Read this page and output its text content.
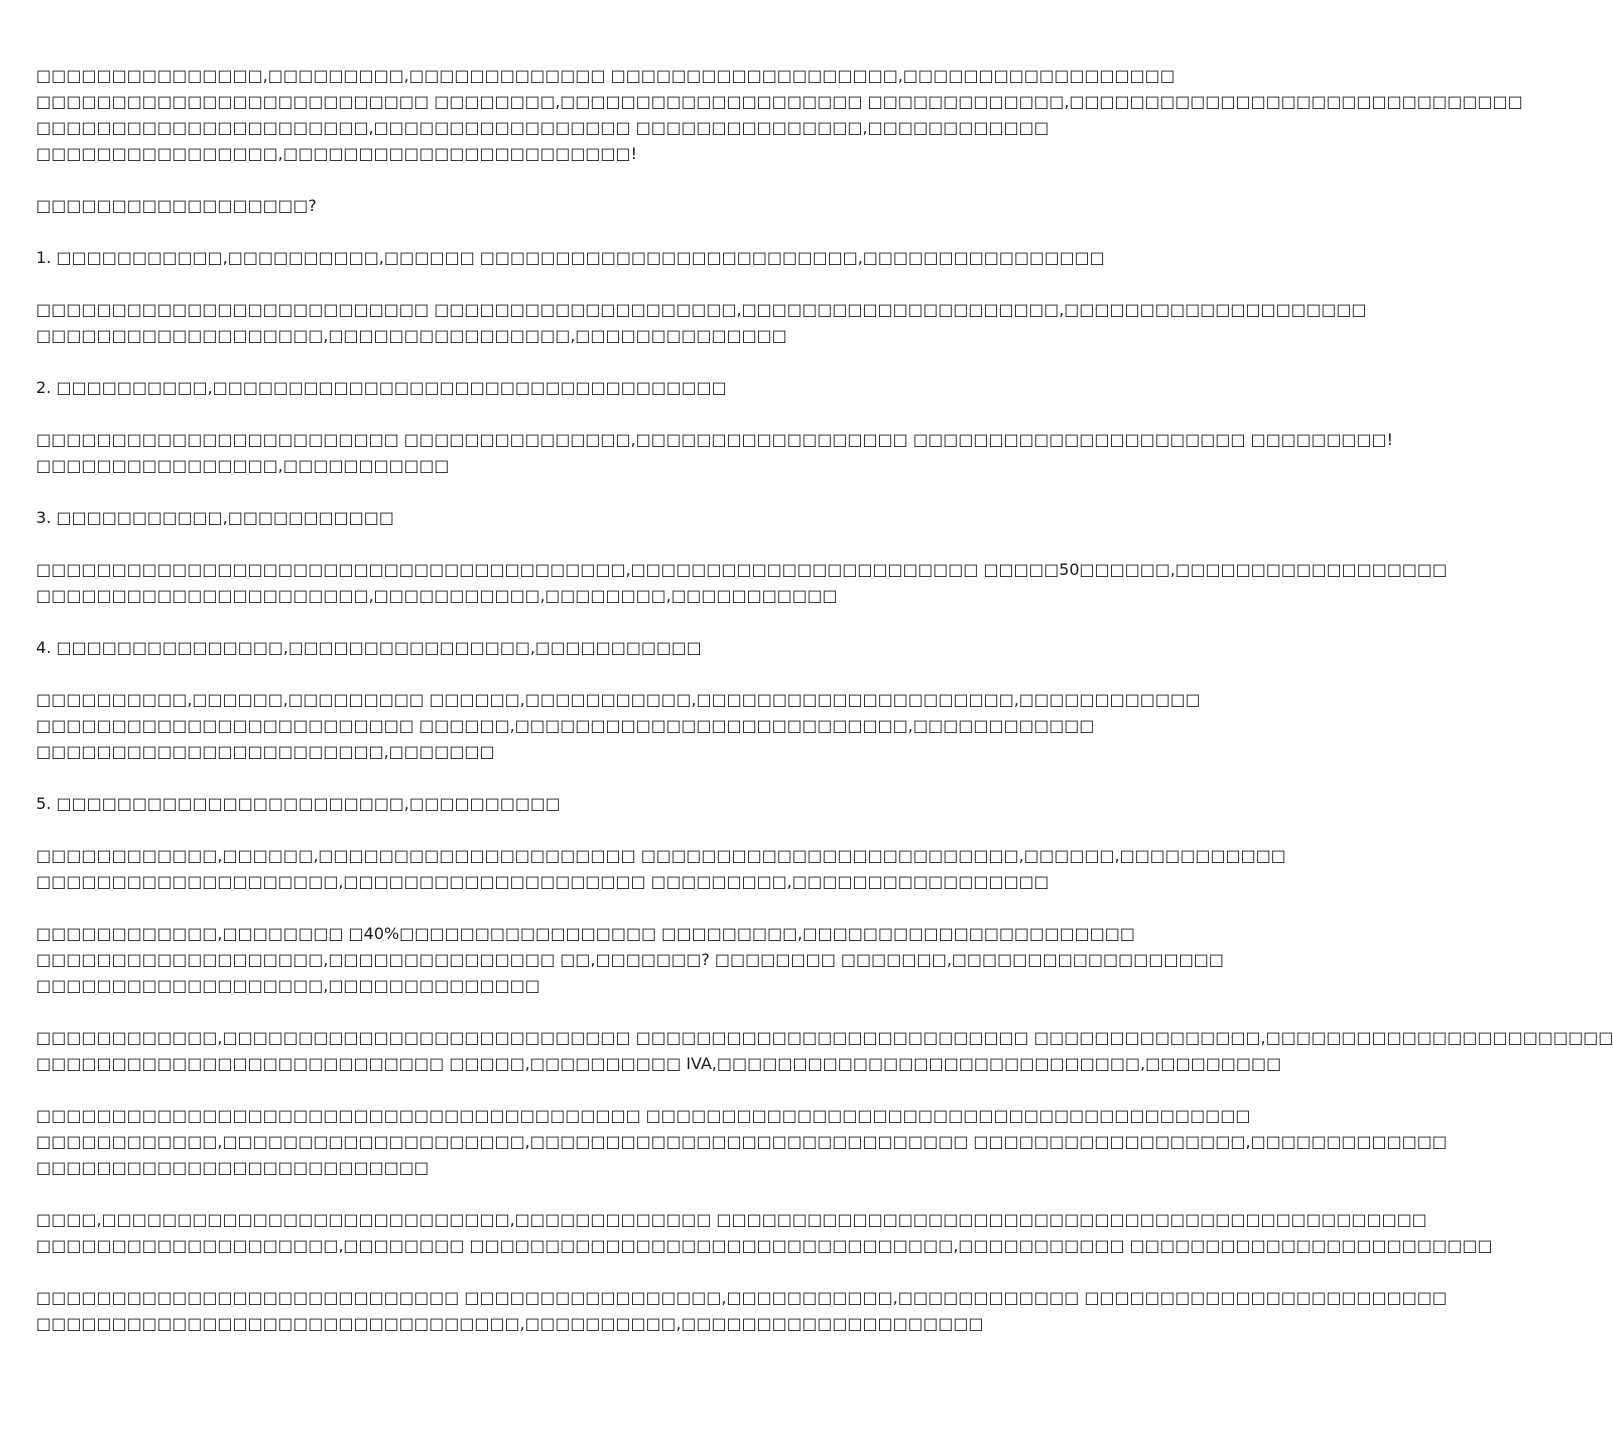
□□□□□□□□□□□□□□□,□□□□□□□□□,□□□□□□□□□□□□□ □□□□□□□□□□□□□□□□□□□,□□□□□□□□□□□□□□□□□□
□□□□□□□□□□□□□□□□□□□□□□□□□□ □□□□□□□□,□□□□□□□□□□□□□□□□□□□□ □□□□□□□□□□□□□,□□□□□□□□□□□□□□□□□□□□□□□□□□□□□□
□□□□□□□□□□□□□□□□□□□□□□,□□□□□□□□□□□□□□□□□ □□□□□□□□□□□□□□□,□□□□□□□□□□□□
□□□□□□□□□□□□□□□□,□□□□□□□□□□□□□□□□□□□□□□□!

□□□□□□□□□□□□□□□□□□?

1. □□□□□□□□□□□,□□□□□□□□□□,□□□□□□ □□□□□□□□□□□□□□□□□□□□□□□□□,□□□□□□□□□□□□□□□□

□□□□□□□□□□□□□□□□□□□□□□□□□□ □□□□□□□□□□□□□□□□□□□□,□□□□□□□□□□□□□□□□□□□□□,□□□□□□□□□□□□□□□□□□□□
□□□□□□□□□□□□□□□□□□□,□□□□□□□□□□□□□□□□,□□□□□□□□□□□□□□

2. □□□□□□□□□□,□□□□□□□□□□□□□□□□□□□□□□□□□□□□□□□□□□

□□□□□□□□□□□□□□□□□□□□□□□□ □□□□□□□□□□□□□□□,□□□□□□□□□□□□□□□□□□ □□□□□□□□□□□□□□□□□□□□□□ □□□□□□□□□!
□□□□□□□□□□□□□□□□,□□□□□□□□□□□

3. □□□□□□□□□□□,□□□□□□□□□□□

□□□□□□□□□□□□□□□□□□□□□□□□□□□□□□□□□□□□□□□,□□□□□□□□□□□□□□□□□□□□□□□ □□□□□50□□□□□□,□□□□□□□□□□□□□□□□□□
□□□□□□□□□□□□□□□□□□□□□□,□□□□□□□□□□□,□□□□□□□□,□□□□□□□□□□□

4. □□□□□□□□□□□□□□□,□□□□□□□□□□□□□□□□,□□□□□□□□□□□

□□□□□□□□□□,□□□□□□,□□□□□□□□□ □□□□□□,□□□□□□□□□□□,□□□□□□□□□□□□□□□□□□□□□,□□□□□□□□□□□□
□□□□□□□□□□□□□□□□□□□□□□□□□ □□□□□□,□□□□□□□□□□□□□□□□□□□□□□□□□□,□□□□□□□□□□□□
□□□□□□□□□□□□□□□□□□□□□□□,□□□□□□□

5. □□□□□□□□□□□□□□□□□□□□□□□,□□□□□□□□□□

□□□□□□□□□□□□,□□□□□□,□□□□□□□□□□□□□□□□□□□□□ □□□□□□□□□□□□□□□□□□□□□□□□□,□□□□□□,□□□□□□□□□□□
□□□□□□□□□□□□□□□□□□□□,□□□□□□□□□□□□□□□□□□□□ □□□□□□□□□,□□□□□□□□□□□□□□□□□

□□□□□□□□□□□□,□□□□□□□□ □40%□□□□□□□□□□□□□□□□□ □□□□□□□□□,□□□□□□□□□□□□□□□□□□□□□□
□□□□□□□□□□□□□□□□□□□,□□□□□□□□□□□□□□□ □□,□□□□□□□? □□□□□□□□ □□□□□□□,□□□□□□□□□□□□□□□□□□
□□□□□□□□□□□□□□□□□□□,□□□□□□□□□□□□□□

□□□□□□□□□□□□,□□□□□□□□□□□□□□□□□□□□□□□□□□□ □□□□□□□□□□□□□□□□□□□□□□□□□□ □□□□□□□□□□□□□□□,□□□□□□□□□□□□□□□□□□□□□□□
□□□□□□□□□□□□□□□□□□□□□□□□□□□ □□□□□,□□□□□□□□□□ IVA,□□□□□□□□□□□□□□□□□□□□□□□□□□□□,□□□□□□□□□

□□□□□□□□□□□□□□□□□□□□□□□□□□□□□□□□□□□□□□□□ □□□□□□□□□□□□□□□□□□□□□□□□□□□□□□□□□□□□□□□□
□□□□□□□□□□□□,□□□□□□□□□□□□□□□□□□□□,□□□□□□□□□□□□□□□□□□□□□□□□□□□□□ □□□□□□□□□□□□□□□□□□,□□□□□□□□□□□□□
□□□□□□□□□□□□□□□□□□□□□□□□□□

□□□□,□□□□□□□□□□□□□□□□□□□□□□□□□□□,□□□□□□□□□□□□□ □□□□□□□□□□□□□□□□□□□□□□□□□□□□□□□□□□□□□□□□□□□□□□□
□□□□□□□□□□□□□□□□□□□□,□□□□□□□□ □□□□□□□□□□□□□□□□□□□□□□□□□□□□□□□□,□□□□□□□□□□□ □□□□□□□□□□□□□□□□□□□□□□□□

□□□□□□□□□□□□□□□□□□□□□□□□□□□□ □□□□□□□□□□□□□□□□□,□□□□□□□□□□□,□□□□□□□□□□□□ □□□□□□□□□□□□□□□□□□□□□□□□
□□□□□□□□□□□□□□□□□□□□□□□□□□□□□□□□,□□□□□□□□□□,□□□□□□□□□□□□□□□□□□□□
